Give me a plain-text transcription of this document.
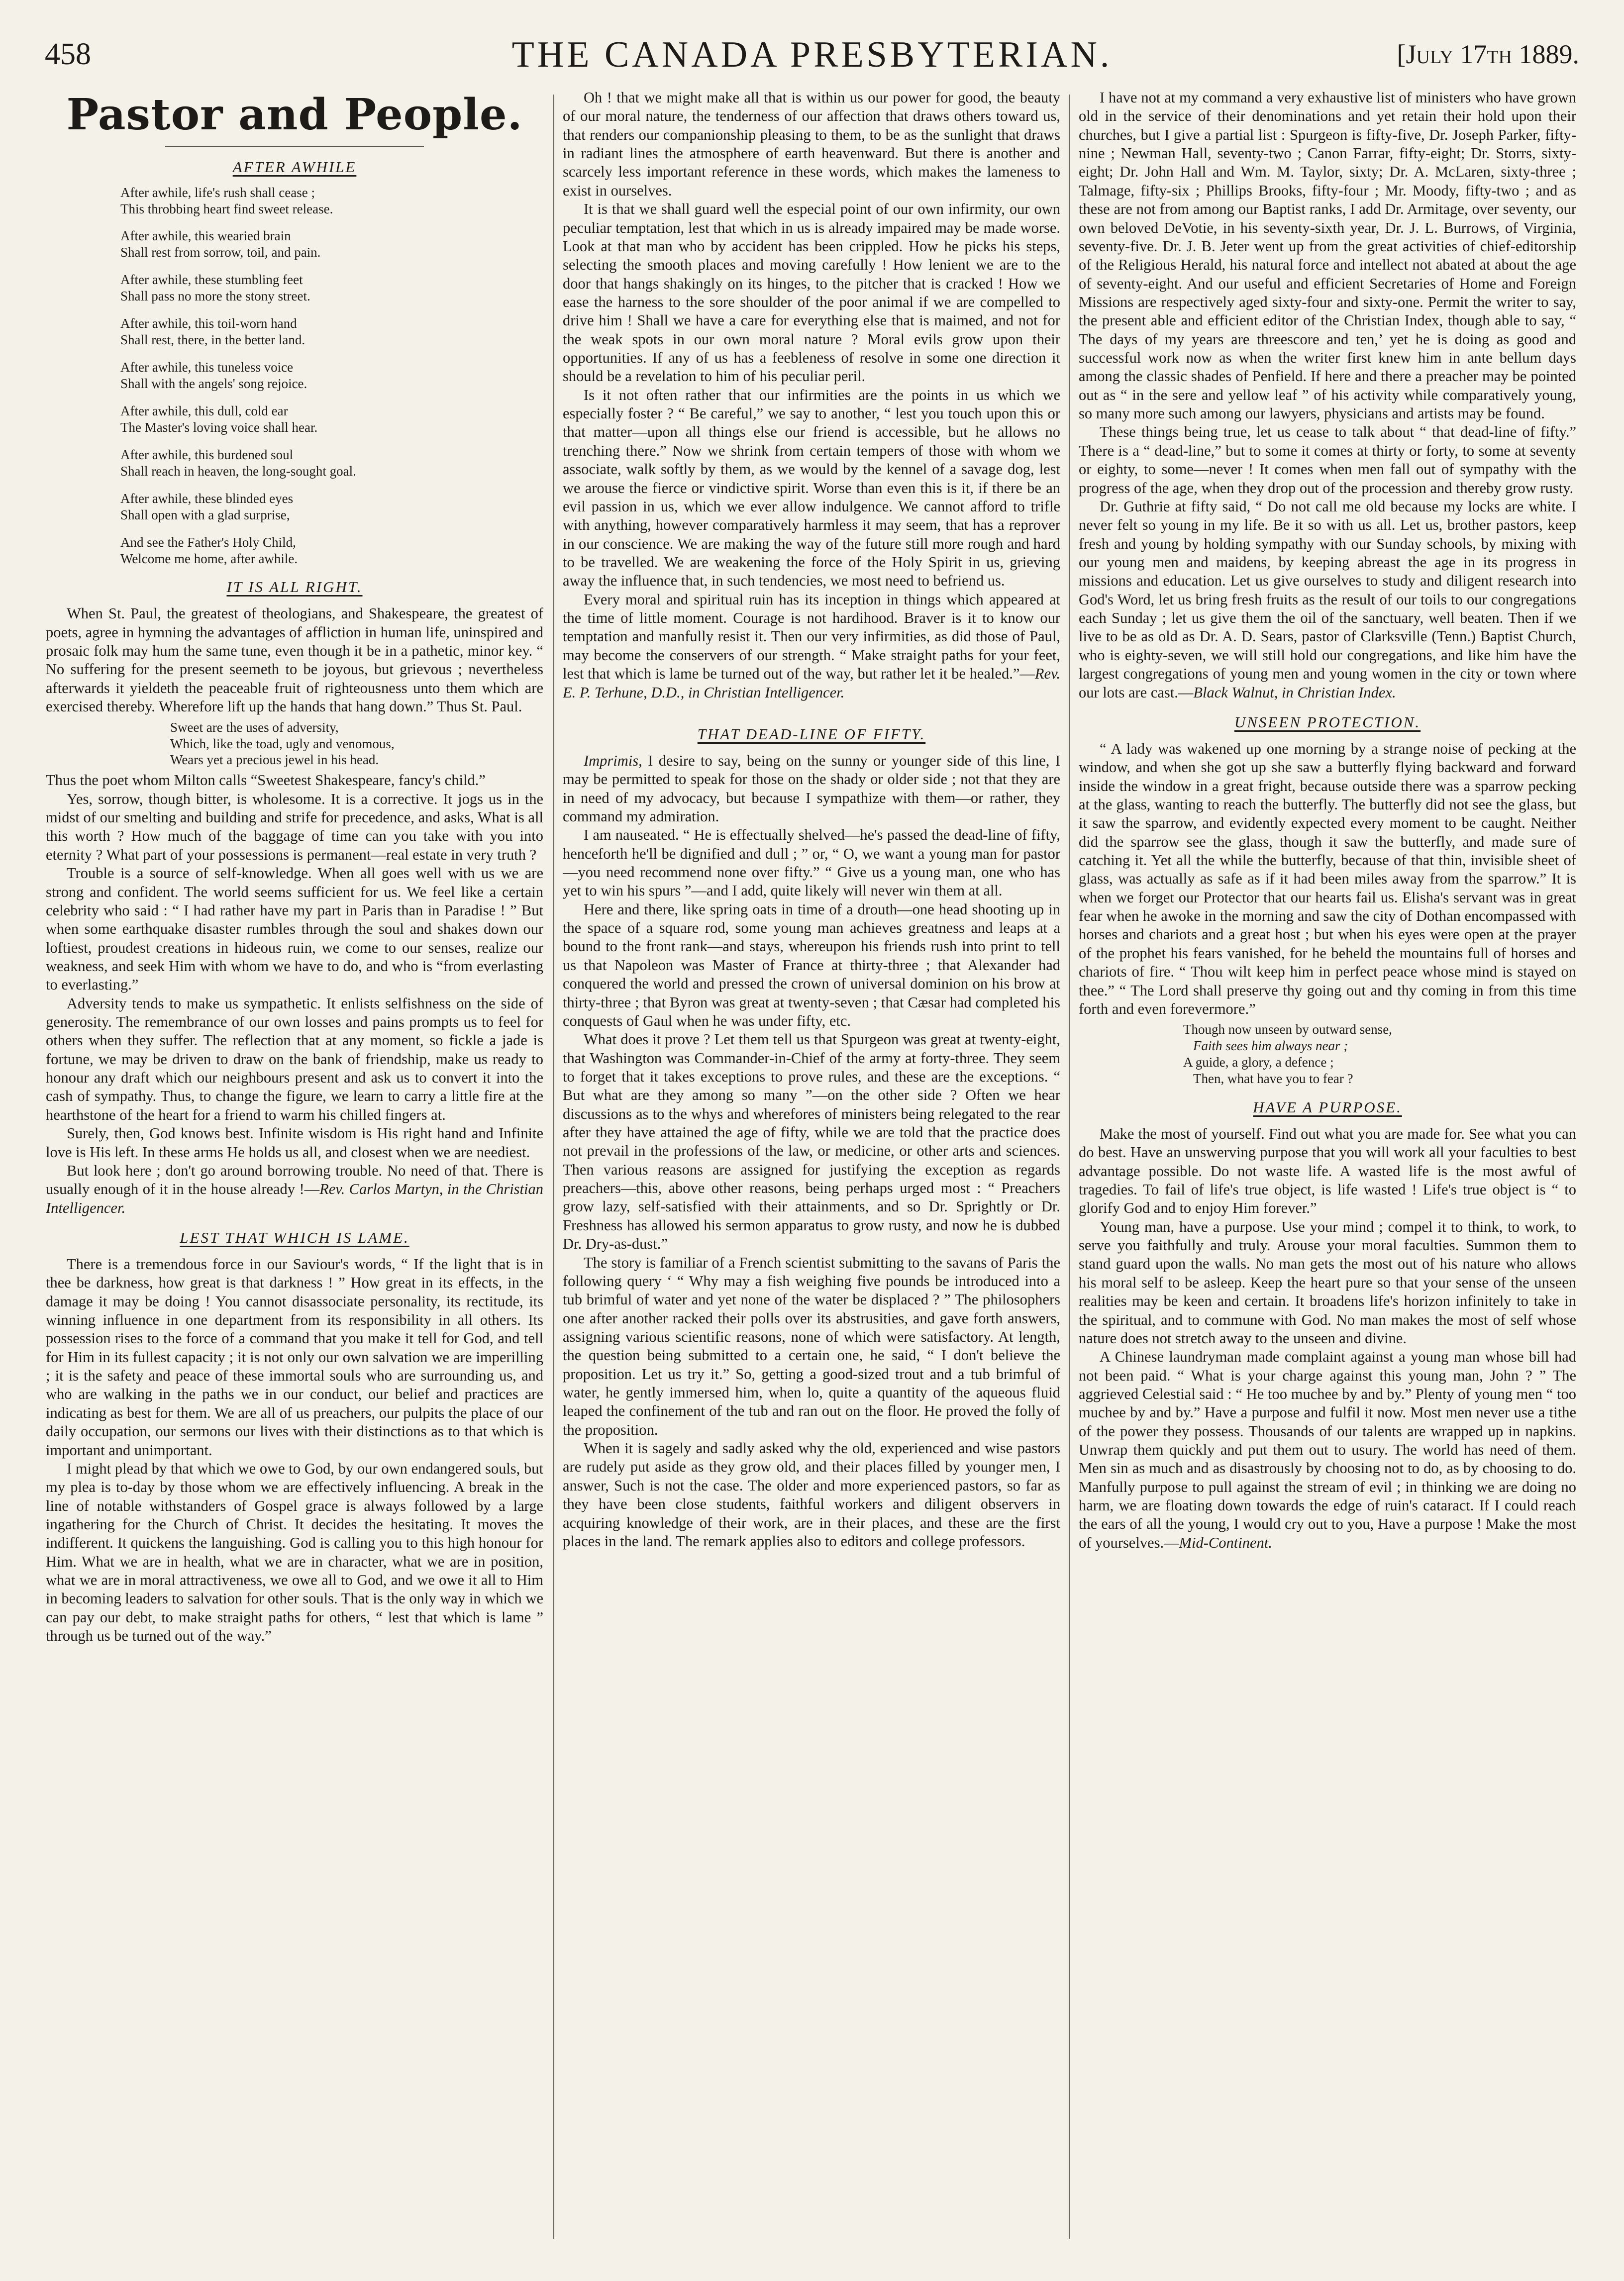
458	THE CANADA PRESBYTERIAN.	[July 17th 1889.
Pastor and People.
AFTER AWHILE
After awhile, life's rush shall cease ;
This throbbing heart find sweet release.
After awhile, this wearied brain
Shall rest from sorrow, toil, and pain.
After awhile, these stumbling feet
Shall pass no more the stony street.
After awhile, this toil-worn hand
Shall rest, there, in the better land.
After awhile, this tuneless voice
Shall with the angels' song rejoice.
After awhile, this dull, cold ear
The Master's loving voice shall hear.
After awhile, this burdened soul
Shall reach in heaven, the long-sought goal.
After awhile, these blinded eyes
Shall open with a glad surprise,
And see the Father's Holy Child,
Welcome me home, after awhile.
IT IS ALL RIGHT.

When St. Paul, the greatest of theologians, and Shakespeare, the greatest of poets, agree in hymning the advantages of affliction in human life, uninspired and prosaic folk may hum the same tune, even though it be in a pathetic, minor key. “ No suffering for the present seemeth to be joyous, but grievous ; nevertheless afterwards it yieldeth the peaceable fruit of righteousness unto them which are exercised thereby. Wherefore lift up the hands that hang down.” Thus St. Paul.

Sweet are the uses of adversity,
Which, like the toad, ugly and venomous,
Wears yet a precious jewel in his head.

Thus the poet whom Milton calls “Sweetest Shakespeare, fancy's child.”

Yes, sorrow, though bitter, is wholesome. It is a corrective. It jogs us in the midst of our smelting and building and strife for precedence, and asks, What is all this worth ? How much of the baggage of time can you take with you into eternity ? What part of your possessions is permanent—real estate in very truth ?

Trouble is a source of self-knowledge. When all goes well with us we are strong and confident. The world seems sufficient for us. We feel like a certain celebrity who said : “ I had rather have my part in Paris than in Paradise ! ” But when some earthquake disaster rumbles through the soul and shakes down our loftiest, proudest creations in hideous ruin, we come to our senses, realize our weakness, and seek Him with whom we have to do, and who is “from everlasting to everlasting.”

Adversity tends to make us sympathetic. It enlists selfishness on the side of generosity. The remembrance of our own losses and pains prompts us to feel for others when they suffer. The reflection that at any moment, so fickle a jade is fortune, we may be driven to draw on the bank of friendship, make us ready to honour any draft which our neighbours present and ask us to convert it into the cash of sympathy. Thus, to change the figure, we learn to carry a little fire at the hearthstone of the heart for a friend to warm his chilled fingers at.

Surely, then, God knows best. Infinite wisdom is His right hand and Infinite love is His left. In these arms He holds us all, and closest when we are neediest.

But look here ; don't go around borrowing trouble. No need of that. There is usually enough of it in the house already !—Rev. Carlos Martyn, in the Christian Intelligencer.

LEST THAT WHICH IS LAME.

There is a tremendous force in our Saviour's words, “ If the light that is in thee be darkness, how great is that darkness ! ” How great in its effects, in the damage it may be doing ! You cannot disassociate personality, its rectitude, its winning influence in one department from its responsibility in all others. Its possession rises to the force of a command that you make it tell for God, and tell for Him in its fullest capacity ; it is not only our own salvation we are imperilling ; it is the safety and peace of these immortal souls who are surrounding us, and who are walking in the paths we in our conduct, our belief and practices are indicating as best for them. We are all of us preachers, our pulpits the place of our daily occupation, our sermons our lives with their distinctions as to that which is important and unimportant.

I might plead by that which we owe to God, by our own endangered souls, but my plea is to-day by those whom we are effectively influencing. A break in the line of notable withstanders of Gospel grace is always followed by a large ingathering for the Church of Christ. It decides the hesitating. It moves the indifferent. It quickens the languishing. God is calling you to this high honour for Him. What we are in health, what we are in character, what we are in position, what we are in moral attractiveness, we owe all to God, and we owe it all to Him in becoming leaders to salvation for other souls. That is the only way in which we can pay our debt, to make straight paths for others, “ lest that which is lame ” through us be turned out of the way.”

Oh ! that we might make all that is within us our power for good, the beauty of our moral nature, the tenderness of our affection that draws others toward us, that renders our companionship pleasing to them, to be as the sunlight that draws in radiant lines the atmosphere of earth heavenward. But there is another and scarcely less important reference in these words, which makes the lameness to exist in ourselves.

It is that we shall guard well the especial point of our own infirmity, our own peculiar temptation, lest that which in us is already impaired may be made worse. Look at that man who by accident has been crippled. How he picks his steps, selecting the smooth places and moving carefully ! How lenient we are to the door that hangs shakingly on its hinges, to the pitcher that is cracked ! How we ease the harness to the sore shoulder of the poor animal if we are compelled to drive him ! Shall we have a care for everything else that is maimed, and not for the weak spots in our own moral nature ? Moral evils grow upon their opportunities. If any of us has a feebleness of resolve in some one direction it should be a revelation to him of his peculiar peril.

Is it not often rather that our infirmities are the points in us which we especially foster ? “ Be careful,” we say to another, “ lest you touch upon this or that matter—upon all things else our friend is accessible, but he allows no trenching there.” Now we shrink from certain tempers of those with whom we associate, walk softly by them, as we would by the kennel of a savage dog, lest we arouse the fierce or vindictive spirit. Worse than even this is it, if there be an evil passion in us, which we ever allow indulgence. We cannot afford to trifle with anything, however comparatively harmless it may seem, that has a reprover in our conscience. We are making the way of the future still more rough and hard to be travelled. We are weakening the force of the Holy Spirit in us, grieving away the influence that, in such tendencies, we most need to befriend us.

Every moral and spiritual ruin has its inception in things which appeared at the time of little moment. Courage is not hardihood. Braver is it to know our temptation and manfully resist it. Then our very infirmities, as did those of Paul, may become the conservers of our strength. “ Make straight paths for your feet, lest that which is lame be turned out of the way, but rather let it be healed.”—Rev. E. P. Terhune, D.D., in Christian Intelligencer.

THAT DEAD-LINE OF FIFTY.

Imprimis, I desire to say, being on the sunny or younger side of this line, I may be permitted to speak for those on the shady or older side ; not that they are in need of my advocacy, but because I sympathize with them—or rather, they command my admiration.

I am nauseated. “ He is effectually shelved—he's passed the dead-line of fifty, henceforth he'll be dignified and dull ; ” or, “ O, we want a young man for pastor—you need recommend none over fifty.” “ Give us a young man, one who has yet to win his spurs ”—and I add, quite likely will never win them at all.

Here and there, like spring oats in time of a drouth—one head shooting up in the space of a square rod, some young man achieves greatness and leaps at a bound to the front rank—and stays, whereupon his friends rush into print to tell us that Napoleon was Master of France at thirty-three ; that Alexander had conquered the world and pressed the crown of universal dominion on his brow at thirty-three ; that Byron was great at twenty-seven ; that Cæsar had completed his conquests of Gaul when he was under fifty, etc.

What does it prove ? Let them tell us that Spurgeon was great at twenty-eight, that Washington was Commander-in-Chief of the army at forty-three. They seem to forget that it takes exceptions to prove rules, and these are the exceptions. “ But what are they among so many ”—on the other side ? Often we hear discussions as to the whys and wherefores of ministers being relegated to the rear after they have attained the age of fifty, while we are told that the practice does not prevail in the professions of the law, or medicine, or other arts and sciences. Then various reasons are assigned for justifying the exception as regards preachers—this, above other reasons, being perhaps urged most : “ Preachers grow lazy, self-satisfied with their attainments, and so Dr. Sprightly or Dr. Freshness has allowed his sermon apparatus to grow rusty, and now he is dubbed Dr. Dry-as-dust.”

The story is familiar of a French scientist submitting to the savans of Paris the following query ‘ “ Why may a fish weighing five pounds be introduced into a tub brimful of water and yet none of the water be displaced ? ” The philosophers one after another racked their polls over its abstrusities, and gave forth answers, assigning various scientific reasons, none of which were satisfactory. At length, the question being submitted to a certain one, he said, “ I don't believe the proposition. Let us try it.” So, getting a good-sized trout and a tub brimful of water, he gently immersed him, when lo, quite a quantity of the aqueous fluid leaped the confinement of the tub and ran out on the floor. He proved the folly of the proposition.

When it is sagely and sadly asked why the old, experienced and wise pastors are rudely put aside as they grow old, and their places filled by younger men, I answer, Such is not the case. The older and more experienced pastors, so far as they have been close students, faithful workers and diligent observers in acquiring knowledge of their work, are in their places, and these are the first places in the land. The remark applies also to editors and college professors.

I have not at my command a very exhaustive list of ministers who have grown old in the service of their denominations and yet retain their hold upon their churches, but I give a partial list : Spurgeon is fifty-five, Dr. Joseph Parker, fifty-nine ; Newman Hall, seventy-two ; Canon Farrar, fifty-eight; Dr. Storrs, sixty-eight; Dr. John Hall and Wm. M. Taylor, sixty; Dr. A. McLaren, sixty-three ; Talmage, fifty-six ; Phillips Brooks, fifty-four ; Mr. Moody, fifty-two ; and as these are not from among our Baptist ranks, I add Dr. Armitage, over seventy, our own beloved DeVotie, in his seventy-sixth year, Dr. J. L. Burrows, of Virginia, seventy-five. Dr. J. B. Jeter went up from the great activities of chief-editorship of the Religious Herald, his natural force and intellect not abated at about the age of seventy-eight. And our useful and efficient Secretaries of Home and Foreign Missions are respectively aged sixty-four and sixty-one. Permit the writer to say, the present able and efficient editor of the Christian Index, though able to say, “ The days of my years are threescore and ten,’ yet he is doing as good and successful work now as when the writer first knew him in ante bellum days among the classic shades of Penfield. If here and there a preacher may be pointed out as “ in the sere and yellow leaf ” of his activity while comparatively young, so many more such among our lawyers, physicians and artists may be found.

These things being true, let us cease to talk about “ that dead-line of fifty.” There is a “ dead-line,” but to some it comes at thirty or forty, to some at seventy or eighty, to some—never ! It comes when men fall out of sympathy with the progress of the age, when they drop out of the procession and thereby grow rusty.

Dr. Guthrie at fifty said, “ Do not call me old because my locks are white. I never felt so young in my life. Be it so with us all. Let us, brother pastors, keep fresh and young by holding sympathy with our Sunday schools, by mixing with our young men and maidens, by keeping abreast the age in its progress in missions and education. Let us give ourselves to study and diligent research into God's Word, let us bring fresh fruits as the result of our toils to our congregations each Sunday ; let us give them the oil of the sanctuary, well beaten. Then if we live to be as old as Dr. A. D. Sears, pastor of Clarksville (Tenn.) Baptist Church, who is eighty-seven, we will still hold our congregations, and like him have the largest congregations of young men and young women in the city or town where our lots are cast.—Black Walnut, in Christian Index.

UNSEEN PROTECTION.

“ A lady was wakened up one morning by a strange noise of pecking at the window, and when she got up she saw a butterfly flying backward and forward inside the window in a great fright, because outside there was a sparrow pecking at the glass, wanting to reach the butterfly. The butterfly did not see the glass, but it saw the sparrow, and evidently expected every moment to be caught. Neither did the sparrow see the glass, though it saw the butterfly, and made sure of catching it. Yet all the while the butterfly, because of that thin, invisible sheet of glass, was actually as safe as if it had been miles away from the sparrow.” It is when we forget our Protector that our hearts fail us. Elisha's servant was in great fear when he awoke in the morning and saw the city of Dothan encompassed with horses and chariots and a great host ; but when his eyes were open at the prayer of the prophet his fears vanished, for he beheld the mountains full of horses and chariots of fire. “ Thou wilt keep him in perfect peace whose mind is stayed on thee.” “ The Lord shall preserve thy going out and thy coming in from this time forth and even forevermore.”

Though now unseen by outward sense,
Faith sees him always near ;
A guide, a glory, a defence ;
Then, what have you to fear ?
HAVE A PURPOSE.

Make the most of yourself. Find out what you are made for. See what you can do best. Have an unswerving purpose that you will work all your faculties to best advantage possible. Do not waste life. A wasted life is the most awful of tragedies. To fail of life's true object, is life wasted ! Life's true object is “ to glorify God and to enjoy Him forever.”

Young man, have a purpose. Use your mind ; compel it to think, to work, to serve you faithfully and truly. Arouse your moral faculties. Summon them to stand guard upon the walls. No man gets the most out of his nature who allows his moral self to be asleep. Keep the heart pure so that your sense of the unseen realities may be keen and certain. It broadens life's horizon infinitely to take in the spiritual, and to commune with God. No man makes the most of self whose nature does not stretch away to the unseen and divine.

A Chinese laundryman made complaint against a young man whose bill had not been paid. “ What is your charge against this young man, John ? ” The aggrieved Celestial said : “ He too muchee by and by.” Plenty of young men “ too muchee by and by.” Have a purpose and fulfil it now. Most men never use a tithe of the power they possess. Thousands of our talents are wrapped up in napkins. Unwrap them quickly and put them out to usury. The world has need of them. Men sin as much and as disastrously by choosing not to do, as by choosing to do. Manfully purpose to pull against the stream of evil ; in thinking we are doing no harm, we are floating down towards the edge of ruin's cataract. If I could reach the ears of all the young, I would cry out to you, Have a purpose ! Make the most of yourselves.—Mid-Continent.
